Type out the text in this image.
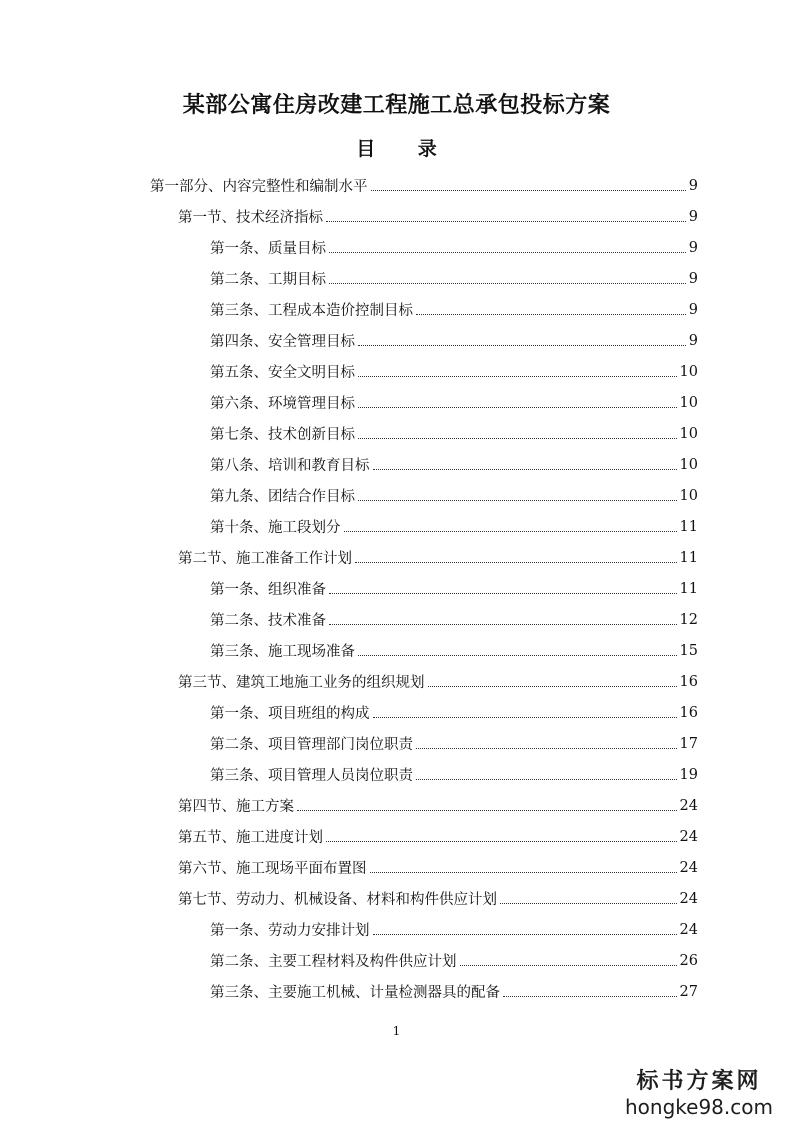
某部公寓住房改建工程施工总承包投标方案
目 录
第一部分、内容完整性和编制水平	9
第一节、技术经济指标	9
第一条、质量目标	9
第二条、工期目标	9
第三条、工程成本造价控制目标	9
第四条、安全管理目标	9
第五条、安全文明目标	10
第六条、环境管理目标	10
第七条、技术创新目标	10
第八条、培训和教育目标	10
第九条、团结合作目标	10
第十条、施工段划分	11
第二节、施工准备工作计划	11
第一条、组织准备	11
第二条、技术准备	12
第三条、施工现场准备	15
第三节、建筑工地施工业务的组织规划	16
第一条、项目班组的构成	16
第二条、项目管理部门岗位职责	17
第三条、项目管理人员岗位职责	19
第四节、施工方案	24
第五节、施工进度计划	24
第六节、施工现场平面布置图	24
第七节、劳动力、机械设备、材料和构件供应计划	24
第一条、劳动力安排计划	24
第二条、主要工程材料及构件供应计划	26
第三条、主要施工机械、计量检测器具的配备	27
1
标书方案网
hongke98.com
